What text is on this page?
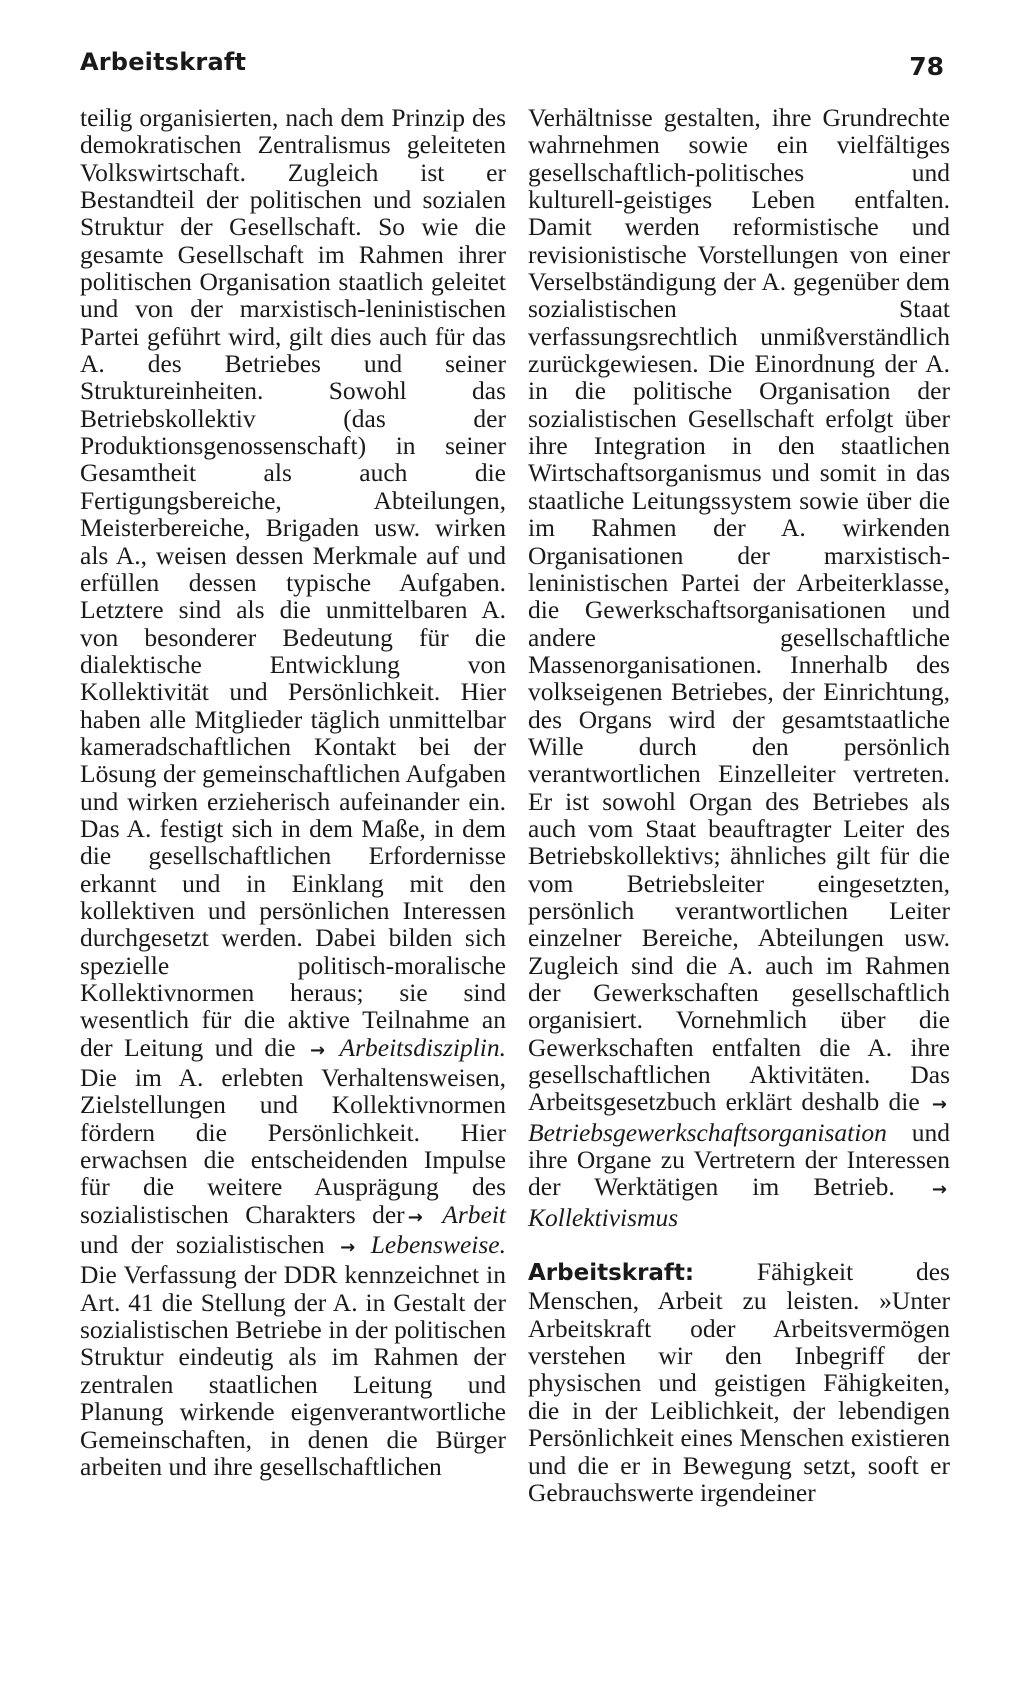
Arbeitskraft	78

teilig organisierten, nach dem Prinzip des demokratischen Zentralismus geleiteten Volkswirtschaft. Zugleich ist er Bestandteil der politischen und sozialen Struktur der Gesellschaft. So wie die gesamte Gesellschaft im Rahmen ihrer politischen Organisation staatlich geleitet und von der marxistisch-leninistischen Partei geführt wird, gilt dies auch für das A. des Betriebes und seiner Struktureinheiten. Sowohl das Betriebskollektiv (das der Produktionsgenossenschaft) in seiner Gesamtheit als auch die Fertigungsbereiche, Abteilungen, Meisterbereiche, Brigaden usw. wirken als A., weisen dessen Merkmale auf und erfüllen dessen typische Aufgaben. Letztere sind als die unmittelbaren A. von besonderer Bedeutung für die dialektische Entwicklung von Kollektivität und Persönlichkeit. Hier haben alle Mitglieder täglich unmittelbar kameradschaftlichen Kontakt bei der Lösung der gemeinschaftlichen Aufgaben und wirken erzieherisch aufeinander ein. Das A. festigt sich in dem Maße, in dem die gesellschaftlichen Erfordernisse erkannt und in Einklang mit den kollektiven und persönlichen Interessen durchgesetzt werden. Dabei bilden sich spezielle politisch-moralische Kollektivnormen heraus; sie sind wesentlich für die aktive Teilnahme an der Leitung und die → Arbeitsdisziplin. Die im A. erlebten Verhaltensweisen, Zielstellungen und Kollektivnormen fördern die Persönlichkeit. Hier erwachsen die entscheidenden Impulse für die weitere Ausprägung des sozialistischen Charakters der → Arbeit und der sozialistischen → Lebensweise. Die Verfassung der DDR kennzeichnet in Art. 41 die Stellung der A. in Gestalt der sozialistischen Betriebe in der politischen Struktur eindeutig als im Rahmen der zentralen staatlichen Leitung und Planung wirkende eigenverantwortliche Gemeinschaften, in denen die Bürger arbeiten und ihre gesellschaftlichen

Verhältnisse gestalten, ihre Grundrechte wahrnehmen sowie ein vielfältiges gesellschaftlich-politisches und kulturell-geistiges Leben entfalten. Damit werden reformistische und revisionistische Vorstellungen von einer Verselbständigung der A. gegenüber dem sozialistischen Staat verfassungsrechtlich unmißverständlich zurückgewiesen. Die Einordnung der A. in die politische Organisation der sozialistischen Gesellschaft erfolgt über ihre Integration in den staatlichen Wirtschaftsorganismus und somit in das staatliche Leitungssystem sowie über die im Rahmen der A. wirkenden Organisationen der marxistisch-leninistischen Partei der Arbeiterklasse, die Gewerkschaftsorganisationen und andere gesellschaftliche Massenorganisationen. Innerhalb des volkseigenen Betriebes, der Einrichtung, des Organs wird der gesamtstaatliche Wille durch den persönlich verantwortlichen Einzelleiter vertreten. Er ist sowohl Organ des Betriebes als auch vom Staat beauftragter Leiter des Betriebskollektivs; ähnliches gilt für die vom Betriebsleiter eingesetzten, persönlich verantwortlichen Leiter einzelner Bereiche, Abteilungen usw. Zugleich sind die A. auch im Rahmen der Gewerkschaften gesellschaftlich organisiert. Vornehmlich über die Gewerkschaften entfalten die A. ihre gesellschaftlichen Aktivitäten. Das Arbeitsgesetzbuch erklärt deshalb die → Betriebsgewerkschaftsorganisation und ihre Organe zu Vertretern der Interessen der Werktätigen im Betrieb. → Kollektivismus

Arbeitskraft: Fähigkeit des Menschen, Arbeit zu leisten. »Unter Arbeitskraft oder Arbeitsvermögen verstehen wir den Inbegriff der physischen und geistigen Fähigkeiten, die in der Leiblichkeit, der lebendigen Persönlichkeit eines Menschen existieren und die er in Bewegung setzt, sooft er Gebrauchswerte irgendeiner
